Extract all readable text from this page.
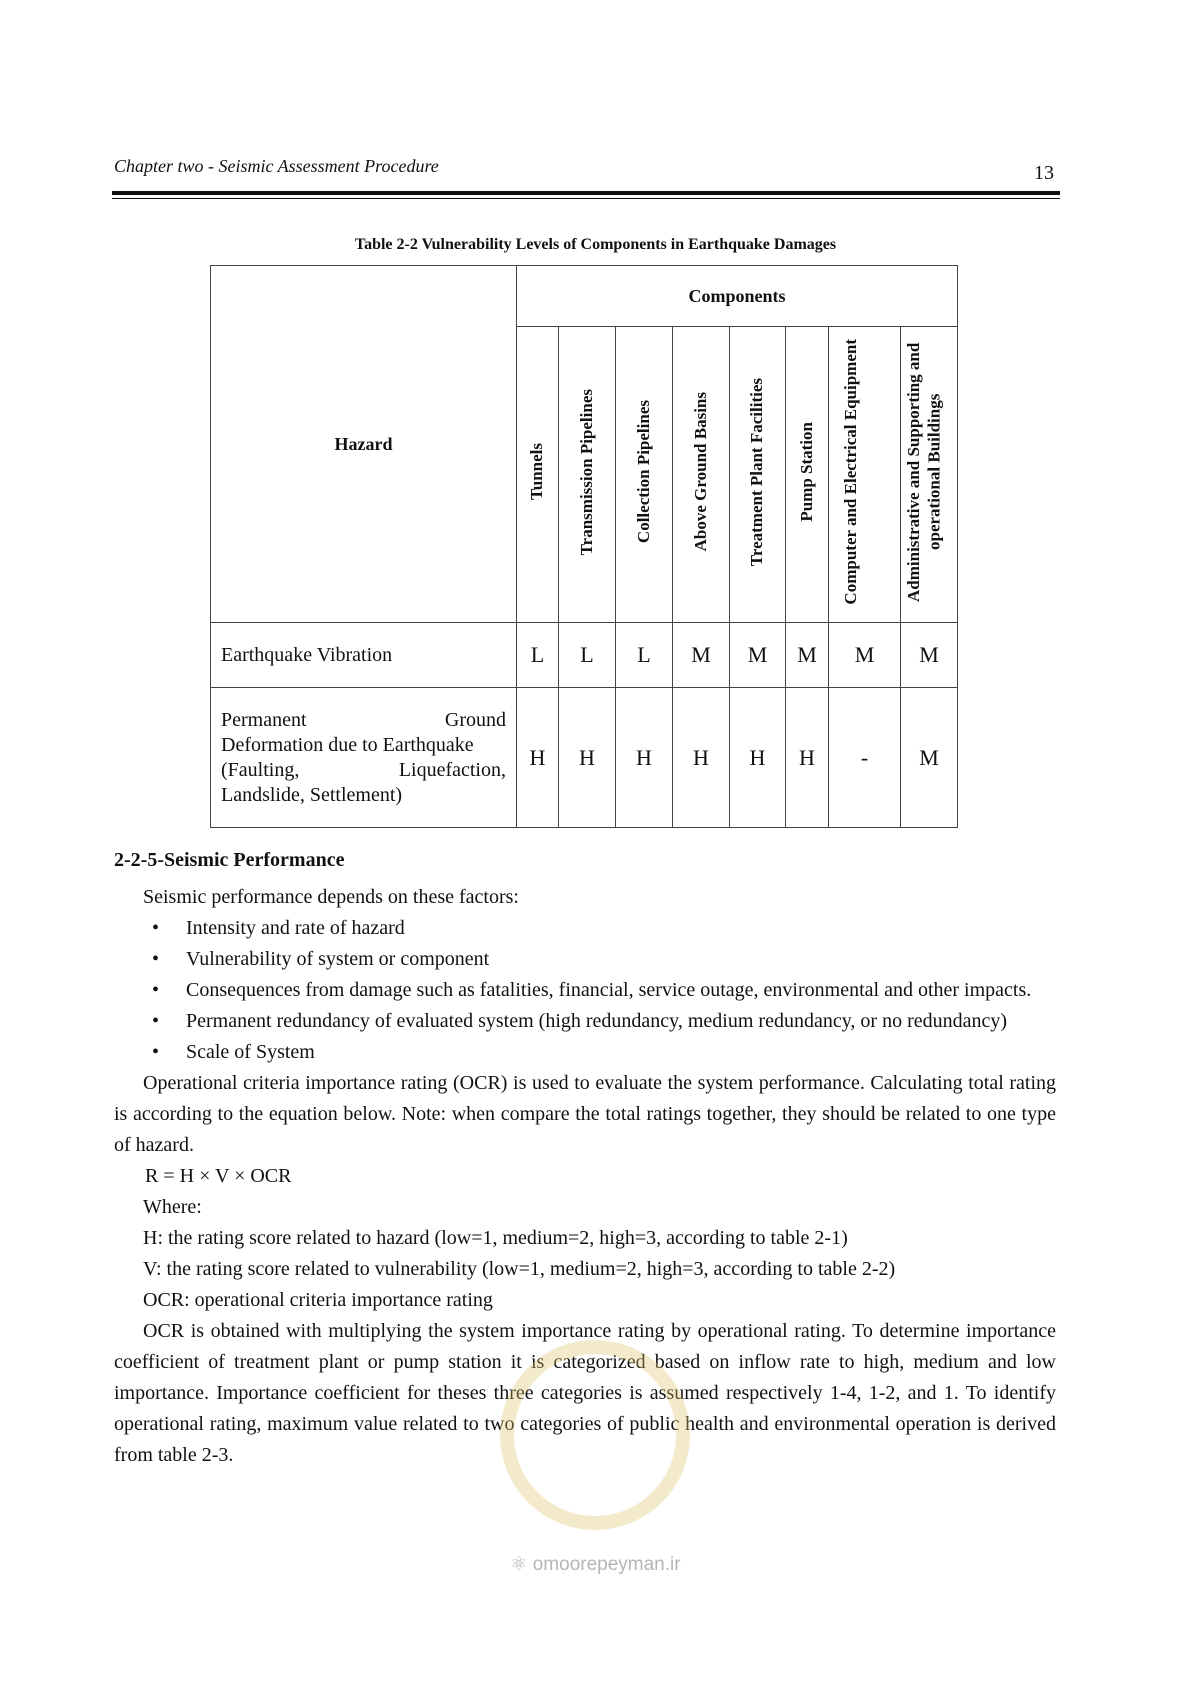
Chapter two - Seismic Assessment Procedure	13
Table 2-2 Vulnerability Levels of Components in Earthquake Damages
Hazard	Components							
	Tunnels	Transmission Pipelines	Collection Pipelines	Above Ground Basins	Treatment Plant Facilities	Pump Station	Computer and Electrical Equipment	Administrative and Supporting and operational Buildings
Earthquake Vibration	L	L	L	M	M	M	M	M

Permanent Ground
Deformation due to Earthquake
(Faulting, Liquefaction,
Landslide, Settlement)	H	H	H	H	H	H	-	M
2-2-5-Seismic Performance

Seismic performance depends on these factors:

• Intensity and rate of hazard

• Vulnerability of system or component

• Consequences from damage such as fatalities, financial, service outage, environmental and other impacts.

• Permanent redundancy of evaluated system (high redundancy, medium redundancy, or no redundancy)

• Scale of System

Operational criteria importance rating (OCR) is used to evaluate the system performance. Calculating total rating is according to the equation below. Note: when compare the total ratings together, they should be related to one type of hazard.

R = H × V × OCR

Where:

H: the rating score related to hazard (low=1, medium=2, high=3, according to table 2-1)

V: the rating score related to vulnerability (low=1, medium=2, high=3, according to table 2-2)

OCR: operational criteria importance rating

OCR is obtained with multiplying the system importance rating by operational rating. To determine importance coefficient of treatment plant or pump station it is categorized based on inflow rate to high, medium and low importance. Importance coefficient for theses three categories is assumed respectively 1-4, 1-2, and 1. To identify operational rating, maximum value related to two categories of public health and environmental operation is derived from table 2-3.

⚛ omoorepeyman.ir
